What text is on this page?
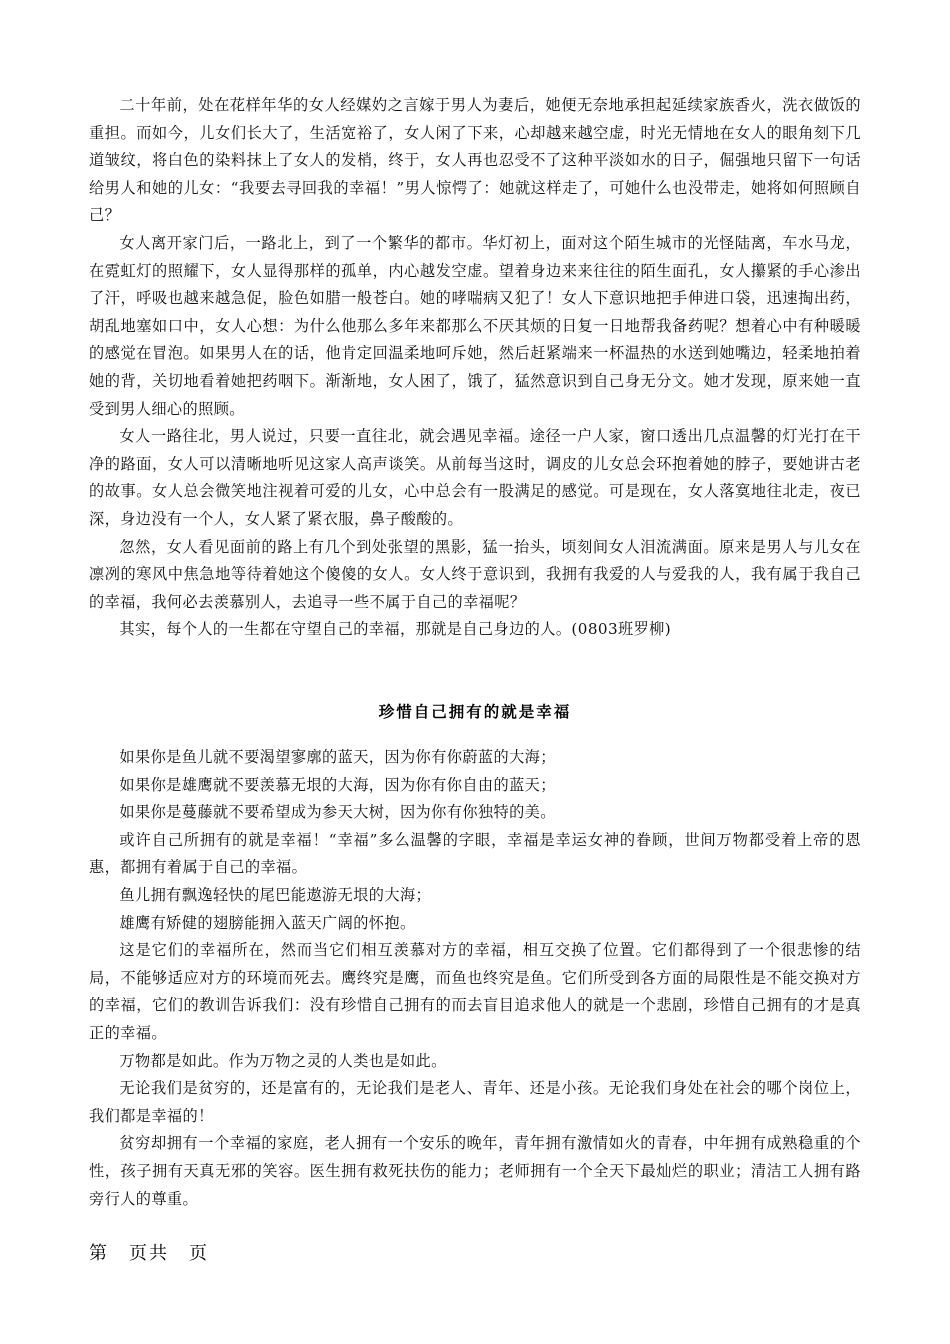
二十年前，处在花样年华的女人经媒妁之言嫁于男人为妻后，她便无奈地承担起延续家族香火，洗衣做饭的重担。而如今，儿女们长大了，生活宽裕了，女人闲了下来，心却越来越空虚，时光无情地在女人的眼角刻下几道皱纹，将白色的染料抹上了女人的发梢，终于，女人再也忍受不了这种平淡如水的日子，倔强地只留下一句话给男人和她的儿女：“我要去寻回我的幸福！”男人惊愕了：她就这样走了，可她什么也没带走，她将如何照顾自己？

女人离开家门后，一路北上，到了一个繁华的都市。华灯初上，面对这个陌生城市的光怪陆离，车水马龙，在霓虹灯的照耀下，女人显得那样的孤单，内心越发空虚。望着身边来来往往的陌生面孔，女人攥紧的手心渗出了汗，呼吸也越来越急促，脸色如腊一般苍白。她的哮喘病又犯了！女人下意识地把手伸进口袋，迅速掏出药，胡乱地塞如口中，女人心想：为什么他那么多年来都那么不厌其烦的日复一日地帮我备药呢？想着心中有种暖暖的感觉在冒泡。如果男人在的话，他肯定回温柔地呵斥她，然后赶紧端来一杯温热的水送到她嘴边，轻柔地拍着她的背，关切地看着她把药咽下。渐渐地，女人困了，饿了，猛然意识到自己身无分文。她才发现，原来她一直受到男人细心的照顾。

女人一路往北，男人说过，只要一直往北，就会遇见幸福。途径一户人家，窗口透出几点温馨的灯光打在干净的路面，女人可以清晰地听见这家人高声谈笑。从前每当这时，调皮的儿女总会环抱着她的脖子，要她讲古老的故事。女人总会微笑地注视着可爱的儿女，心中总会有一股满足的感觉。可是现在，女人落寞地往北走，夜已深，身边没有一个人，女人紧了紧衣服，鼻子酸酸的。

忽然，女人看见面前的路上有几个到处张望的黑影，猛一抬头，顷刻间女人泪流满面。原来是男人与儿女在凛冽的寒风中焦急地等待着她这个傻傻的女人。女人终于意识到，我拥有我爱的人与爱我的人，我有属于我自己的幸福，我何必去羡慕别人，去追寻一些不属于自己的幸福呢？

其实，每个人的一生都在守望自己的幸福，那就是自己身边的人。(0803班罗柳)

珍惜自己拥有的就是幸福

如果你是鱼儿就不要渴望寥廓的蓝天，因为你有你蔚蓝的大海；

如果你是雄鹰就不要羡慕无垠的大海，因为你有你自由的蓝天；

如果你是蔓藤就不要希望成为参天大树，因为你有你独特的美。

或许自己所拥有的就是幸福！“幸福”多么温馨的字眼，幸福是幸运女神的眷顾，世间万物都受着上帝的恩惠，都拥有着属于自己的幸福。

鱼儿拥有飘逸轻快的尾巴能遨游无垠的大海；

雄鹰有矫健的翅膀能拥入蓝天广阔的怀抱。

这是它们的幸福所在，然而当它们相互羡慕对方的幸福，相互交换了位置。它们都得到了一个很悲惨的结局，不能够适应对方的环境而死去。鹰终究是鹰，而鱼也终究是鱼。它们所受到各方面的局限性是不能交换对方的幸福，它们的教训告诉我们：没有珍惜自己拥有的而去盲目追求他人的就是一个悲剧，珍惜自己拥有的才是真正的幸福。

万物都是如此。作为万物之灵的人类也是如此。

无论我们是贫穷的，还是富有的，无论我们是老人、青年、还是小孩。无论我们身处在社会的哪个岗位上，我们都是幸福的！

贫穷却拥有一个幸福的家庭，老人拥有一个安乐的晚年，青年拥有激情如火的青春，中年拥有成熟稳重的个性，孩子拥有天真无邪的笑容。医生拥有救死扶伤的能力；老师拥有一个全天下最灿烂的职业；清洁工人拥有路旁行人的尊重。

第　页共　页
